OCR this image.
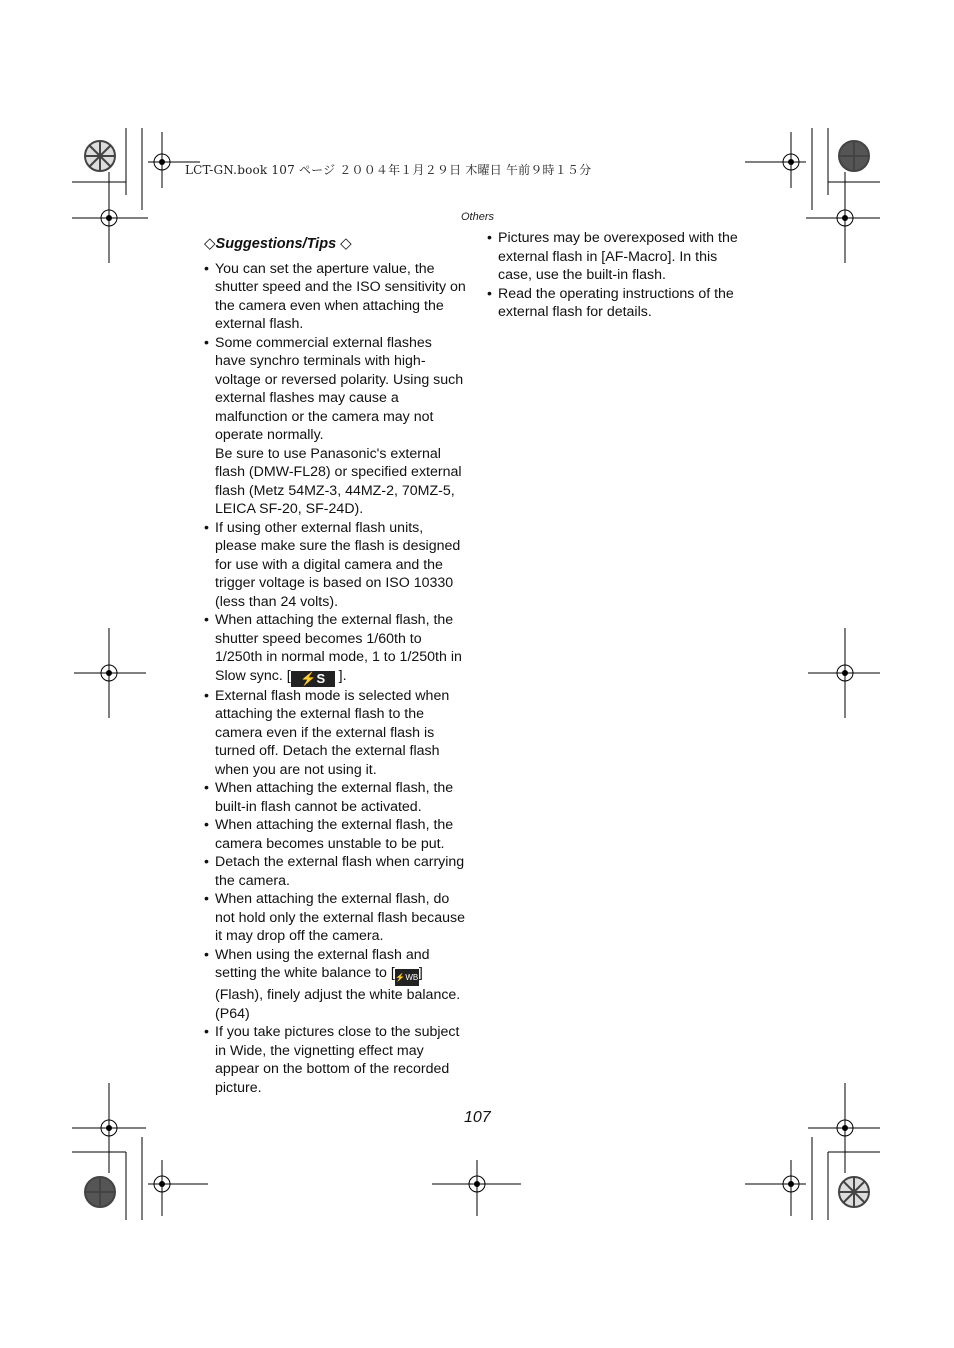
LCT-GN.book 107 ページ ２００４年１月２９日 木曜日 午前９時１５分
Others
◇Suggestions/Tips ◇
• You can set the aperture value, the shutter speed and the ISO sensitivity on the camera even when attaching the external flash.
• Some commercial external flashes have synchro terminals with high-voltage or reversed polarity. Using such external flashes may cause a malfunction or the camera may not operate normally.
Be sure to use Panasonic's external flash (DMW-FL28) or specified external flash (Metz 54MZ-3, 44MZ-2, 70MZ-5, LEICA SF-20, SF-24D).
• If using other external flash units, please make sure the flash is designed for use with a digital camera and the trigger voltage is based on ISO 10330 (less than 24 volts).
• When attaching the external flash, the shutter speed becomes 1/60th to 1/250th in normal mode, 1 to 1/250th in Slow sync. [ ⚡S ].
• External flash mode is selected when attaching the external flash to the camera even if the external flash is turned off. Detach the external flash when you are not using it.
• When attaching the external flash, the built-in flash cannot be activated.
• When attaching the external flash, the camera becomes unstable to be put.
• Detach the external flash when carrying the camera.
• When attaching the external flash, do not hold only the external flash because it may drop off the camera.
• When using the external flash and setting the white balance to [⚡WB] (Flash), finely adjust the white balance. (P64)
• If you take pictures close to the subject in Wide, the vignetting effect may appear on the bottom of the recorded picture.
• Pictures may be overexposed with the external flash in [AF-Macro]. In this case, use the built-in flash.
• Read the operating instructions of the external flash for details.
107
